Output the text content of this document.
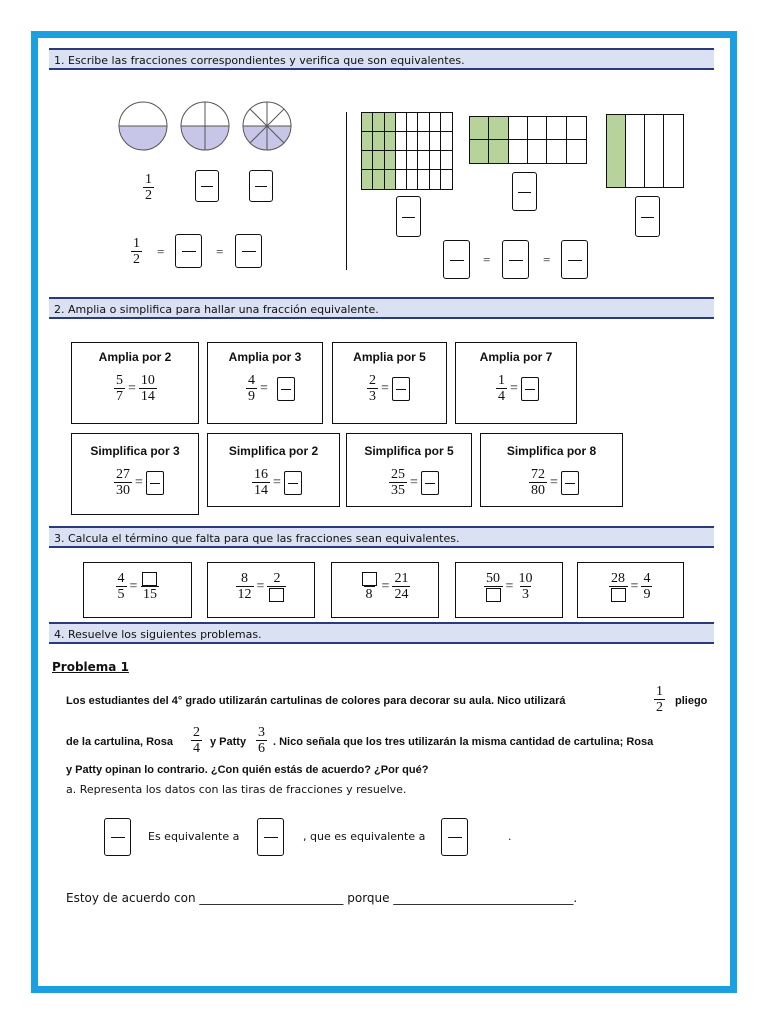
1. Escribe las fracciones correspondientes y verifica que son equivalentes.
$\frac{1}{2}$
$\frac{1}{2}$ =	=
=	=
2. Amplia o simplifica para hallar una fracción equivalente.
Amplia por 2
$\frac{5}{7} = \frac{10}{14}$
Amplia por 3
$\frac{4}{9}$ =
Amplia por 5
$\frac{2}{3}$ =
Amplia por 7
$\frac{1}{4}$ =
Simplifica por 3
$\frac{27}{30}$ =
Simplifica por 2
$\frac{16}{14}$ =
Simplifica por 5
$\frac{25}{35}$ =
Simplifica por 8
$\frac{72}{80}$ =
3. Calcula el término que falta para que las fracciones sean equivalentes.
$\frac{4}{5}$ =
15	$\frac{8}{12} = 2$
8
= $\frac{21}{24}$	$50 = \frac{10}{3}$	$28 = \frac{4}{9}$
4. Resuelve los siguientes problemas.
Problema 1
Los estudiantes del 4° grado utilizarán cartulinas de colores para decorar su aula. Nico utilizará	$\frac{1}{2}$ pliego
de la cartulina, Rosa $\frac{2}{4}$ y Patty $\frac{3}{6}$ . Nico señala que los tres utilizarán la misma cantidad de cartulina; Rosa
y Patty opinan lo contrario. ¿Con quién estás de acuerdo? ¿Por qué?
a. Representa los datos con las tiras de fracciones y resuelve.
Es equivalente a	, que es equivalente a	.
Estoy de acuerdo con ________________________ porque ______________________________.
